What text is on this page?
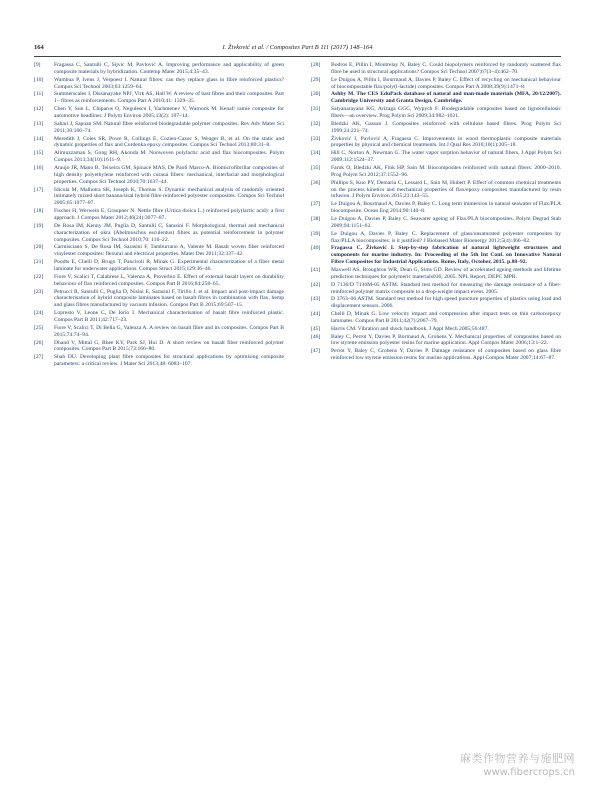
164	I. Živković et al. / Composites Part B 111 (2017) 148–164
[9] Fragassa C, Santulli C, Sijvic M, Pavlović A. Improving performance and applicability of green composite materials by hybridization. Contemp Mater 2015;4:35–43.
[10] Wambua P, Ivens J, Verpoest I. Natural fibres: can they replace glass in fibre reinforced plastics? Compos Sci Technol 2003;63:1259–64.
[11] Summerscales J, Dissanayake NPJ, Virk AS, Hall W. A review of bast fibres and their composites. Part 1– fibres as reinforcements. Compos Part A 2010;41: 1329–35.
[12] Chen Y, Sun L, Chiparus O, Negulescu I, Yachmenev V, Warnock M. Kenaf/ ramie composite for automotive headliner. J Polym Environ 2005;13(2): 107–14.
[13] Sahari J, Sapuan SM. Natural fibre reinforced biodegradable polymer composites. Rev Adv Mater Sci 2011;30:166–74.
[14] Meredith J, Coles SR, Powe R, Collings E, Cozien-Cazuc S, Weager B, et al. On the static and dynamic properties of flax and Cordenka epoxy composites. Compos Sci Technol 2013;80:31–8.
[15] Alimuzzaman S, Gong RH, Akonda M. Nonwoven polylactic acid and flax biocomposites. Polym Compos 2013;34(10):1611–9.
[16] Araujo JR, Mano B, Teixeira GM, Spinacé MAS, De Paoli Marco-A. Biomicrofibrillar composites of high density polyethylene reinforced with curauá fibers: mechanical, interfacial and morphological properties. Compos Sci Technol 2010;70:1637–44.
[17] Idicula M, Malhotra SK, Joseph K, Thomas S. Dynamic mechanical analysis of randomly oriented intimately mixed short banana/sisal hybrid fibre reinforced polyester composites. Compos Sci Technol 2005;65:1077–87.
[18] Fischer H, Werwein E, Graupner N. Nettle fibre (Urtica dioica L.) reinforced poly(lactic acid): a first approach. J Compos Mater 2012;46(24):3077–87.
[19] De Rosa IM, Kenny JM, Puglia D, Santulli C, Sarasini F. Morphological, thermal and mechanical characterization of okra (Abelmoschus esculentus) fibres as potential reinforcement in polymer composites. Compos Sci Technol 2010;70: 116–22.
[20] Carmisciano S, De Rosa IM, Sarasini F, Tamburrano A, Valente M. Basalt woven fiber reinforced vinylester composites: flexural and electrical properties. Mater Des 2011;32:337–42.
[21] Poodts E, Chelli D, Brugo T, Panciroli R, Minak G. Experimental characterization of a fiber metal laminate for underwater applications. Compos Struct 2015;129:36–46.
[22] Fiore V, Scalici T, Calabrese L, Valenza A, Proverbio E. Effect of external basalt layers on durability behaviour of flax reinforced composites. Compos Part B 2016;84:258–65.
[23] Petrucci R, Santulli C, Puglia D, Nisini E, Sarasini F, Tirillo J, et al. Impact and post-impact damage characterisation of hybrid composite laminates based on basalt fibres in combination with flax, hemp and glass fibres manufactured by vacuum infusion. Compos Part B 2015;69:507–15.
[24] Lopresto V, Leone C, De Iorio I. Mechanical characterisation of basalt fibre reinforced plastic. Compos Part B 2011;42:717–23.
[25] Fiore V, Scalici T, Di Bella G, Valenza A. A review on basalt fibre and its composites. Compos Part B 2015;74:74–94.
[26] Dhand V, Mittal G, Rhee KY, Park SJ, Hui D. A short review on basalt fiber reinforced polymer composites. Compos Part B 2015;73:166–80.
[27] Shah DU. Developing plant fibre composites for structural applications by optimising composite parameters: a critical review. J Mater Sci 2013;48: 6083–107.
[28] Bodros E, Pillin I, Montrelay N, Baley C. Could biopolymers reinforced by randomly scattered flax fibre be used in structural applications? Compos Sci Technol 2007;67(3–4):462–70.
[29] Le Duigou A, Pillin I, Bourmaud A, Davies P, Baley C. Effect of recycling on mechanical behaviour of biocompostable flax/poly(l-lactide) composites. Compos Part A 2008;39(9):1471–8.
[30] Ashby M. The CES EduPack database of natural and man-made materials (MFA, 20/12/2007). Cambridge University and Granta Design, Cambridge.
[31] Satyanarayana KG, Arizaga GGC, Wypych F. Biodegradable composites based on lignocellulosic fibers—an overview. Prog Polym Sci 2009;34:982–1021.
[32] Bledzki AK, Gassan J. Composites reinforced with cellulose based fibres. Prog Polym Sci 1999;24:221–74.
[33] Živković I, Pavlović A, Fragassa C. Improvements in wood thermoplastic composite materials properties by physical and chemical treatments. Int J Qual Res 2016;10(1):205–18.
[34] Hill C, Norton A, Newman G. The water vapor sorption behavior of natural fibers. J Appl Polym Sci 2009;112:1524–37.
[35] Faruk O, Bledzki AK, Fink HP, Sain M. Biocomposites reinforced with natural fibers: 2000–2010. Prog Polym Sci 2012;37:1552–96.
[36] Phillips S, Kuo PY, Demaria C, Lessard L, Sain M, Hubert P. Effect of common chemical treatments on the process kinetics and mechanical properties of flax/epoxy composites manufactured by resin infusion. J Polym Environ 2015;23:143–55.
[37] Le Duigou A, Bourmaud A, Davies P, Baley C. Long term immersion in natural seawater of Flax/PLA biocomposite. Ocean Eng 2014;90:140–8.
[38] Le Duigou A, Davies P, Baley C. Seawater ageing of Flax/PLA biocomposites. Polym Degrad Stab 2009;94:1151–62.
[39] Le Duigou A, Davies P, Baley C. Replacement of glass/unsaturated polyester composites by flax/PLLA biocomposites: is it justified? J Biobased Mater Bioenergy 2012;5(4):466–82.
[40] Fragassa C, Živković I. Step-by-step fabrication of natural lightweight structures and components for marine industry. In: Proceeding of the 5th Int Conf. on Innovative Natural Fibre Composites for Industrial Applications. Rome, Italy, October, 2015. p.88–92.
[41] Maxwell AS, Broughton WR, Dean G, Sims GD. Review of accelerated ageing methods and lifetime prediction techniques for polymeric materials036; 2005. NPL Report, DEPC MPR.
[42] D 7136/D 7136M-05 ASTM. Standard test method for measuring the damage resistance of a fiber-reinforced polymer matrix composite to a drop-weight impact event. 2005.
[43] D 3763–06 ASTM. Standard test method for high speed puncture properties of plastics using load and displacement sensors. 2006.
[44] Chelli D, Minak G. Low velocity impact and compression after impact tests on thin carbon/epoxy laminates. Compos Part B 2011;42(7):2067–79.
[45] Harris CM. Vibration and shock handbook. J Appl Mech 2005;56:487.
[46] Baley C, Perrot Y, Davies P, Bormaud A, Grohens Y. Mechanical properties of composites based on low styrene emission polyester resins for marine application. Appl Compos Mater 2006;13:1–22.
[47] Perrot Y, Baley C, Grohens Y, Davies P. Damage resistance of composites based on glass fibre reinforced low styrene emission resins for marine applications. Appl Compos Mater 2007;14:67–87.
麻类作物营养与施肥网
www.fibercrops.cn
